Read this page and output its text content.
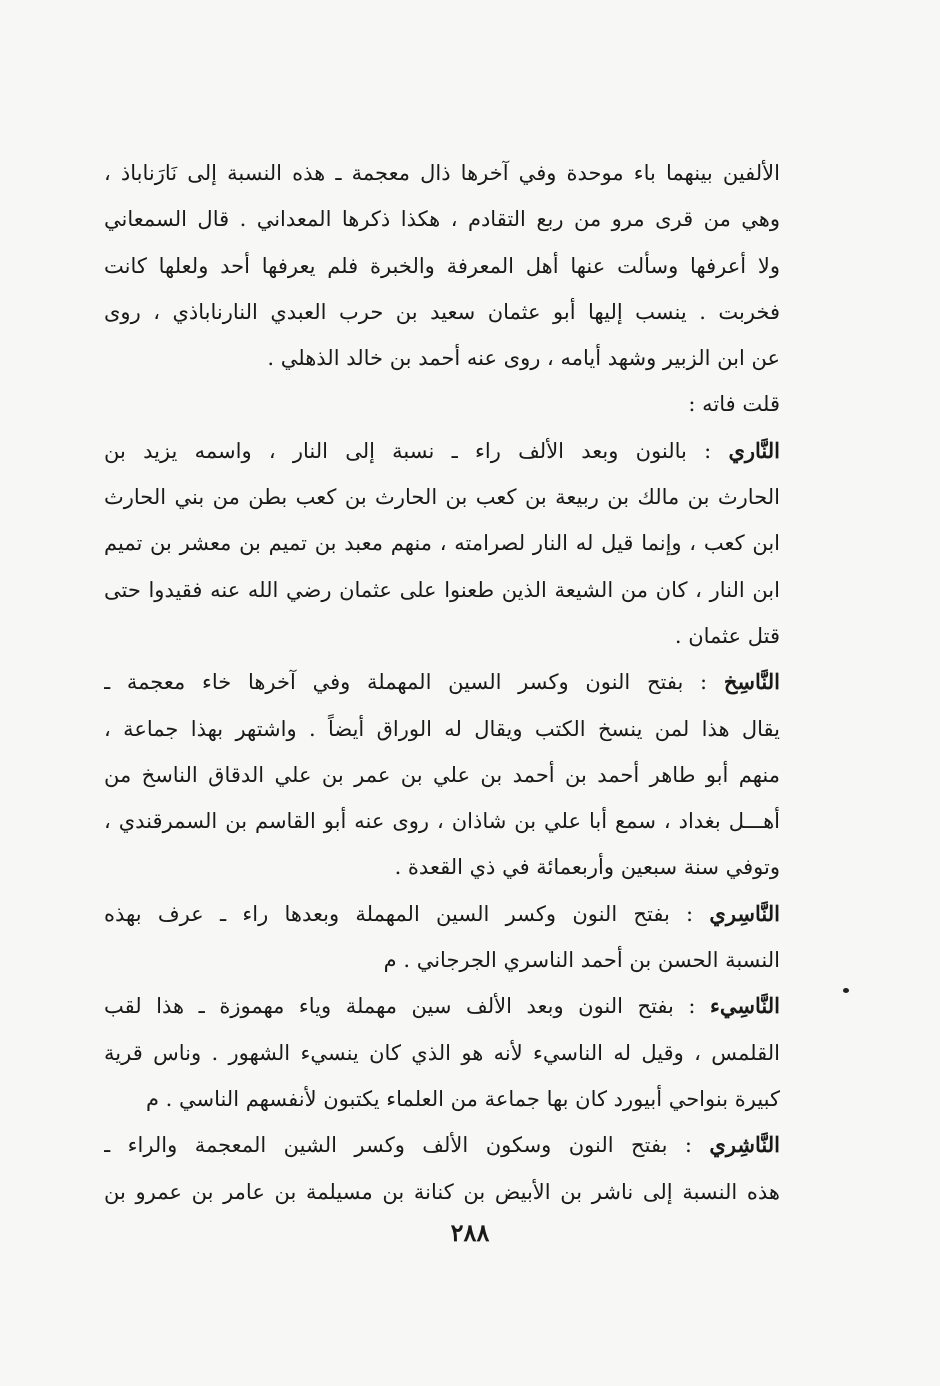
الألفين بينهما باء موحدة وفي آخرها ذال معجمة ـ هذه النسبة إلى نَارَناباذ ،
وهي من قرى مرو من ربع التقادم ، هكذا ذكرها المعداني . قال السمعاني
ولا أعرفها وسألت عنها أهل المعرفة والخبرة فلم يعرفها أحد ولعلها كانت
فخربت . ينسب إليها أبو عثمان سعيد بن حرب العبدي النارناباذي ، روى
عن ابن الزبير وشهد أيامه ، روى عنه أحمد بن خالد الذهلي .
قلت فاته :
النَّاري : بالنون وبعد الألف راء ـ نسبة إلى النار ، واسمه يزيد بن
الحارث بن مالك بن ربيعة بن كعب بن الحارث بن كعب بطن من بني الحارث
ابن كعب ، وإنما قيل له النار لصرامته ، منهم معبد بن تميم بن معشر بن تميم
ابن النار ، كان من الشيعة الذين طعنوا على عثمان رضي الله عنه فقيدوا حتى
قتل عثمان .
النَّاسِخ : بفتح النون وكسر السين المهملة وفي آخرها خاء معجمة ـ
يقال هذا لمن ينسخ الكتب ويقال له الوراق أيضاً . واشتهر بهذا جماعة ،
منهم أبو طاهر أحمد بن أحمد بن علي بن عمر بن علي الدقاق الناسخ من
أهـــل بغداد ، سمع أبا علي بن شاذان ، روى عنه أبو القاسم بن السمرقندي ،
وتوفي سنة سبعين وأربعمائة في ذي القعدة .
النَّاسِري : بفتح النون وكسر السين المهملة وبعدها راء ـ عرف بهذه
النسبة الحسن بن أحمد الناسري الجرجاني . م
النَّاسِيء : بفتح النون وبعد الألف سين مهملة وياء مهموزة ـ هذا لقب
القلمس ، وقيل له الناسيء لأنه هو الذي كان ينسيء الشهور . وناس قرية
كبيرة بنواحي أبيورد كان بها جماعة من العلماء يكتبون لأنفسهم الناسي . م
النَّاشِري : بفتح النون وسكون الألف وكسر الشين المعجمة والراء ـ
هذه النسبة إلى ناشر بن الأبيض بن كنانة بن مسيلمة بن عامر بن عمرو بن
٢٨٨
